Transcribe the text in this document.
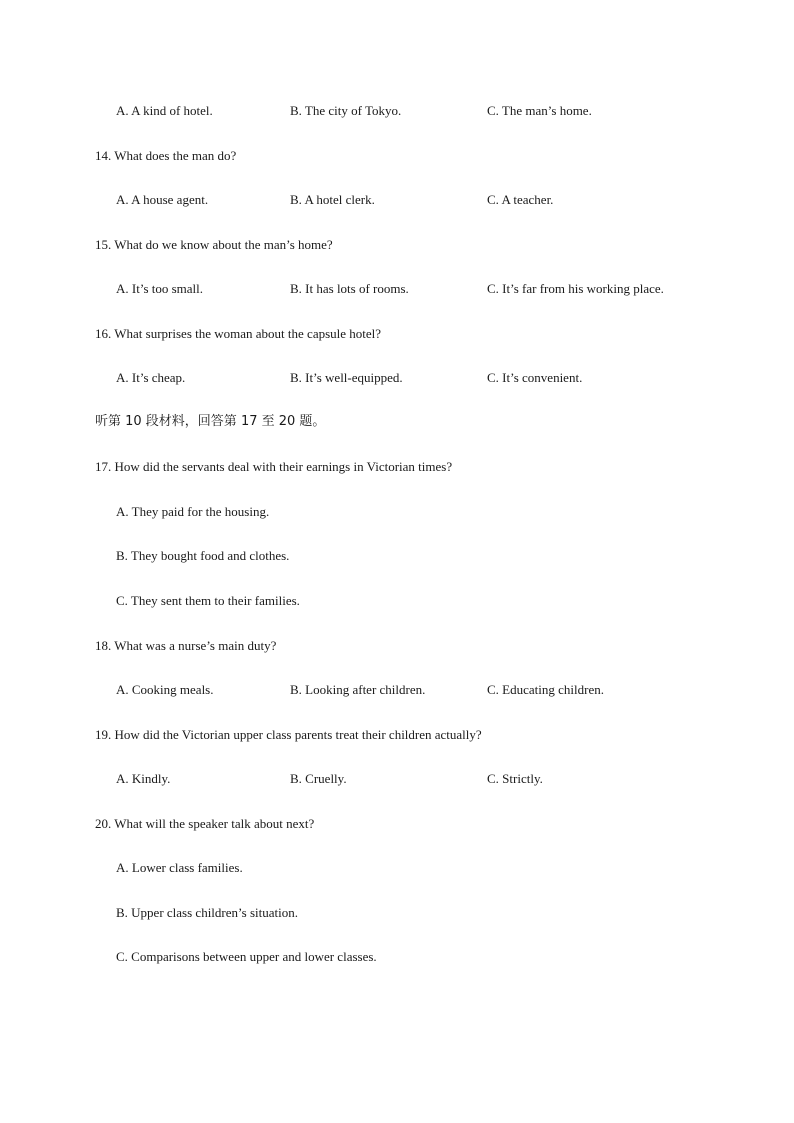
A. A kind of hotel.	B. The city of Tokyo.	C. The man’s home.
14. What does the man do?
A. A house agent.	B. A hotel clerk.	C. A teacher.
15. What do we know about the man’s home?
A. It’s too small.	B. It has lots of rooms.	C. It’s far from his working place.
16. What surprises the woman about the capsule hotel?
A. It’s cheap.	B. It’s well-equipped.	C. It’s convenient.
听第 10 段材料，回答第 17 至 20 题。
17. How did the servants deal with their earnings in Victorian times?
A. They paid for the housing.
B. They bought food and clothes.
C. They sent them to their families.
18. What was a nurse’s main duty?
A. Cooking meals.	B. Looking after children.	C. Educating children.
19. How did the Victorian upper class parents treat their children actually?
A. Kindly.	B. Cruelly.	C. Strictly.
20. What will the speaker talk about next?
A. Lower class families.
B. Upper class children’s situation.
C. Comparisons between upper and lower classes.
